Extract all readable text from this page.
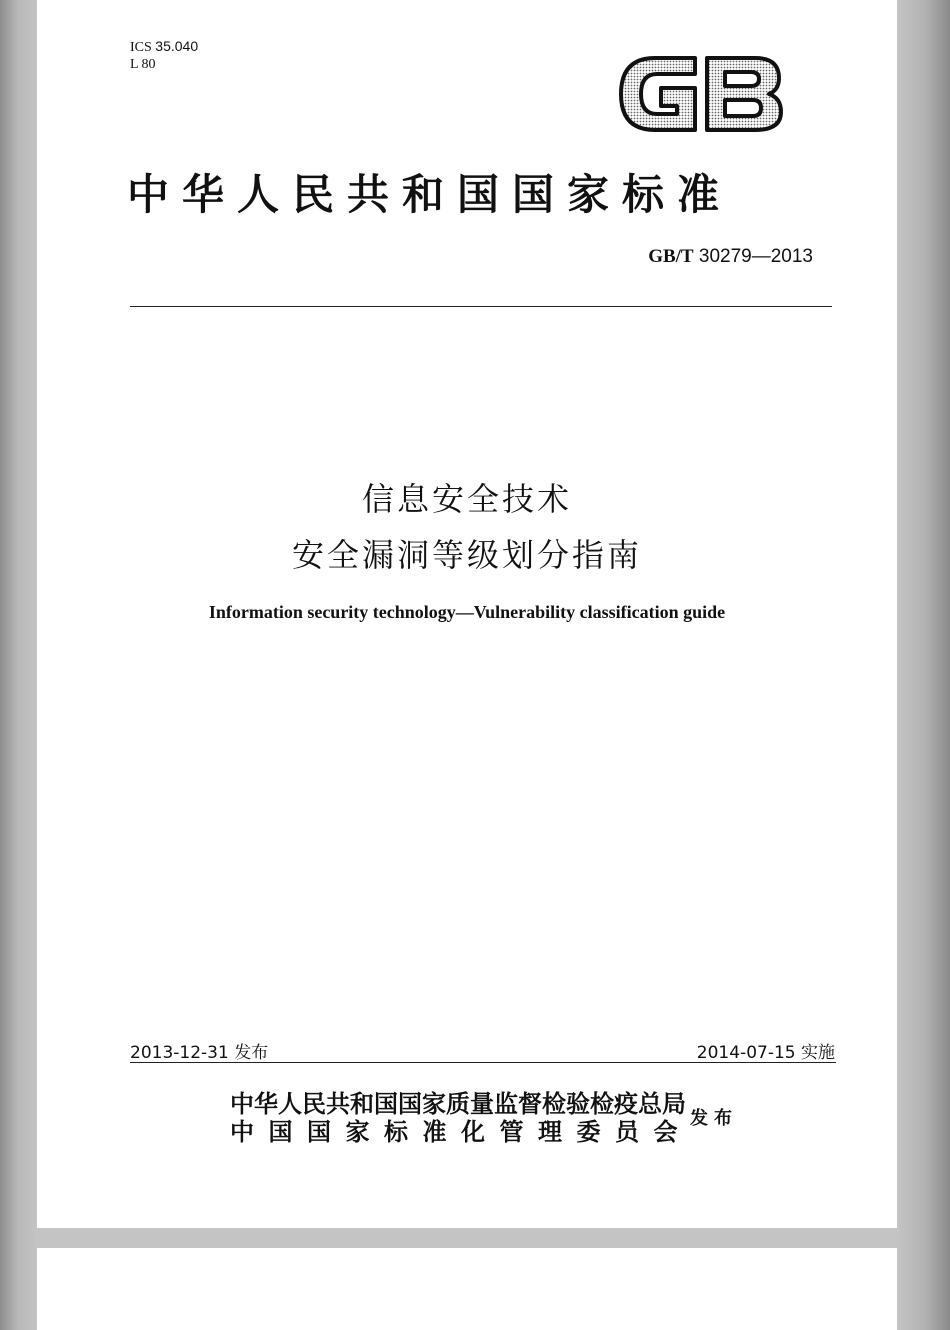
ICS 35.040
L 80
中华人民共和国国家标准
GB/T 30279—2013
信息安全技术
安全漏洞等级划分指南
Information security technology—Vulnerability classification guide
2013-12-31 发布	2014-07-15 实施
中华人民共和国国家质量监督检验检疫总局
中国国家标准化管理委员会
发布
